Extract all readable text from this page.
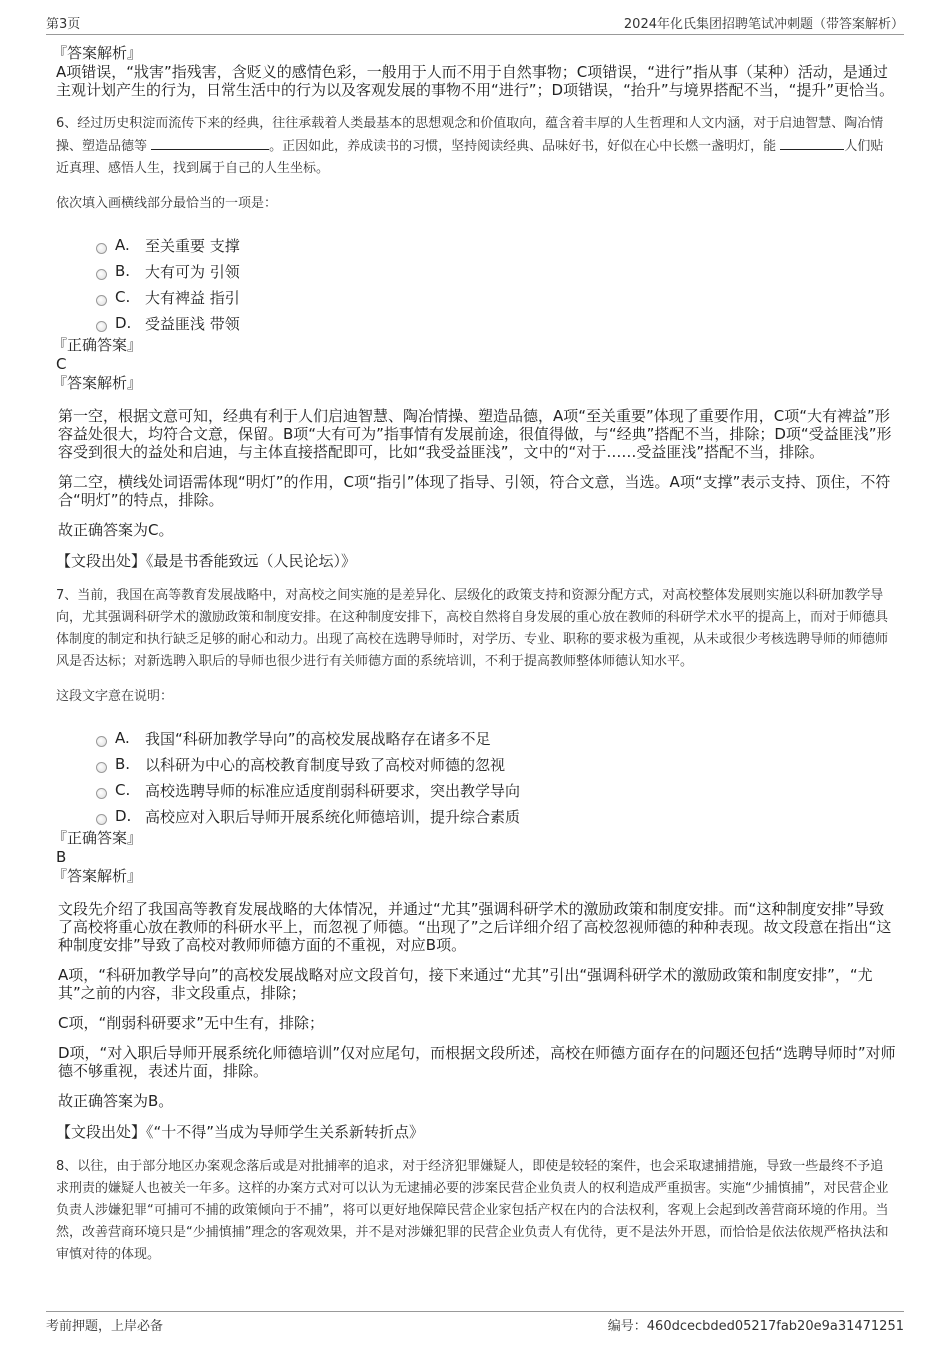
第3页	2024年化氏集团招聘笔试冲刺题（带答案解析）
『答案解析』

A项错误，“戕害”指残害，含贬义的感情色彩，一般用于人而不用于自然事物；C项错误，“进行”指从事（某种）活动，是通过主观计划产生的行为，日常生活中的行为以及客观发展的事物不用“进行”；D项错误，“抬升”与境界搭配不当，“提升”更恰当。

6、经过历史积淀而流传下来的经典，往往承载着人类最基本的思想观念和价值取向，蕴含着丰厚的人生哲理和人文内涵，对于启迪智慧、陶冶情操、塑造品德等	。正因如此，养成读书的习惯，坚持阅读经典、品味好书，好似在心中长燃一盏明灯，能	人们贴近真理、感悟人生，找到属于自己的人生坐标。

依次填入画横线部分最恰当的一项是：

A.	至关重要 支撑
B. 大有可为 引领
C. 大有裨益 指引
D. 受益匪浅 带领
『正确答案』
C
『答案解析』

第一空，根据文意可知，经典有利于人们启迪智慧、陶冶情操、塑造品德，A项“至关重要”体现了重要作用，C项“大有裨益”形容益处很大，均符合文意，保留。B项“大有可为”指事情有发展前途，很值得做，与“经典”搭配不当，排除；D项“受益匪浅”形容受到很大的益处和启迪，与主体直接搭配即可，比如“我受益匪浅”，文中的“对于……受益匪浅”搭配不当，排除。

第二空，横线处词语需体现“明灯”的作用，C项“指引”体现了指导、引领，符合文意，当选。A项“支撑”表示支持、顶住，不符合“明灯”的特点，排除。

故正确答案为C。

【文段出处】《最是书香能致远（人民论坛）》

7、当前，我国在高等教育发展战略中，对高校之间实施的是差异化、层级化的政策支持和资源分配方式，对高校整体发展则实施以科研加教学导向，尤其强调科研学术的激励政策和制度安排。在这种制度安排下，高校自然将自身发展的重心放在教师的科研学术水平的提高上，而对于师德具体制度的制定和执行缺乏足够的耐心和动力。出现了高校在选聘导师时，对学历、专业、职称的要求极为重视，从未或很少考核选聘导师的师德师风是否达标；对新选聘入职后的导师也很少进行有关师德方面的系统培训，不利于提高教师整体师德认知水平。

这段文字意在说明：

A.	我国“科研加教学导向”的高校发展战略存在诸多不足
B. 以科研为中心的高校教育制度导致了高校对师德的忽视
C. 高校选聘导师的标准应适度削弱科研要求，突出教学导向
D. 高校应对入职后导师开展系统化师德培训，提升综合素质
『正确答案』
B
『答案解析』

文段先介绍了我国高等教育发展战略的大体情况，并通过“尤其”强调科研学术的激励政策和制度安排。而“这种制度安排”导致了高校将重心放在教师的科研水平上，而忽视了师德。“出现了”之后详细介绍了高校忽视师德的种种表现。故文段意在指出“这种制度安排”导致了高校对教师师德方面的不重视，对应B项。

A项，“科研加教学导向”的高校发展战略对应文段首句，接下来通过“尤其”引出“强调科研学术的激励政策和制度安排”，“尤其”之前的内容，非文段重点，排除；

C项，“削弱科研要求”无中生有，排除；

D项，“对入职后导师开展系统化师德培训”仅对应尾句，而根据文段所述，高校在师德方面存在的问题还包括“选聘导师时”对师德不够重视，表述片面，排除。

故正确答案为B。

【文段出处】《“十不得”当成为导师学生关系新转折点》

8、以往，由于部分地区办案观念落后或是对批捕率的追求，对于经济犯罪嫌疑人，即使是较轻的案件，也会采取逮捕措施，导致一些最终不予追求刑责的嫌疑人也被关一年多。这样的办案方式对可以认为无逮捕必要的涉案民营企业负责人的权利造成严重损害。实施“少捕慎捕”，对民营企业负责人涉嫌犯罪“可捕可不捕的政策倾向于不捕”，将可以更好地保障民营企业家包括产权在内的合法权利，客观上会起到改善营商环境的作用。当然，改善营商环境只是“少捕慎捕”理念的客观效果，并不是对涉嫌犯罪的民营企业负责人有优待，更不是法外开恩，而恰恰是依法依规严格执法和审慎对待的体现。

考前押题，上岸必备	编号：460dcecbded05217fab20e9a31471251
